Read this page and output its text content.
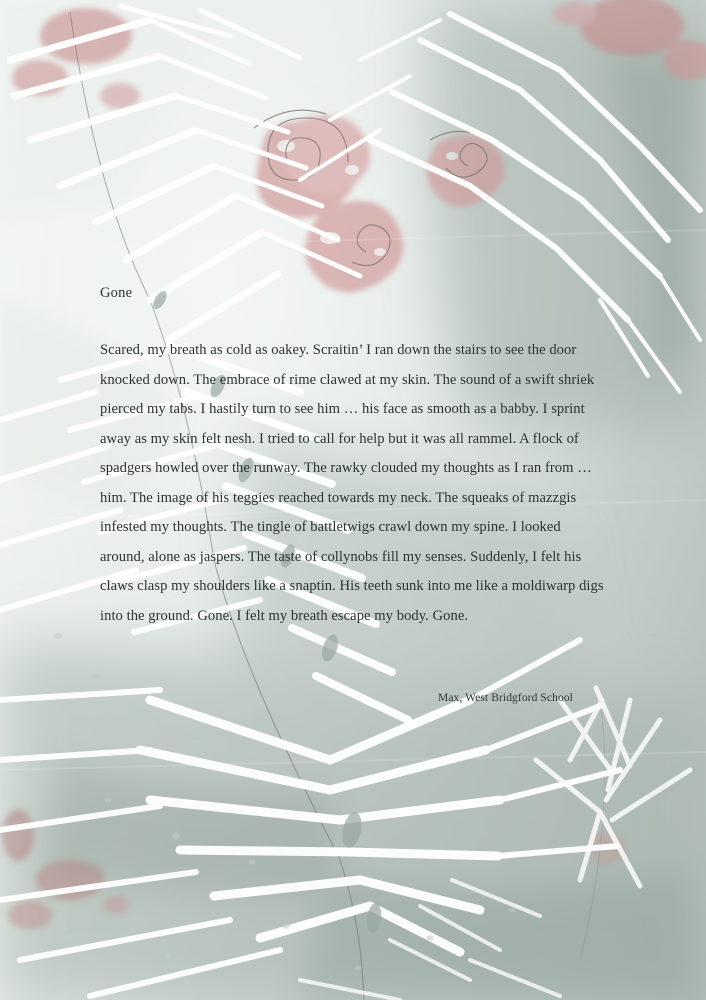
Gone
Scared, my breath as cold as oakey. Scraitin’ I ran down the stairs to see the door knocked down. The embrace of rime clawed at my skin. The sound of a swift shriek pierced my tabs. I hastily turn to see him … his face as smooth as a babby. I sprint away as my skin felt nesh. I tried to call for help but it was all rammel. A flock of spadgers howled over the runway. The rawky clouded my thoughts as I ran from … him. The image of his teggies reached towards my neck. The squeaks of mazzgis infested my thoughts. The tingle of battletwigs crawl down my spine. I looked around, alone as jaspers. The taste of collynobs fill my senses. Suddenly, I felt his claws clasp my shoulders like a snaptin. His teeth sunk into me like a moldiwarp digs into the ground. Gone. I felt my breath escape my body. Gone.
Max, West Bridgford School
